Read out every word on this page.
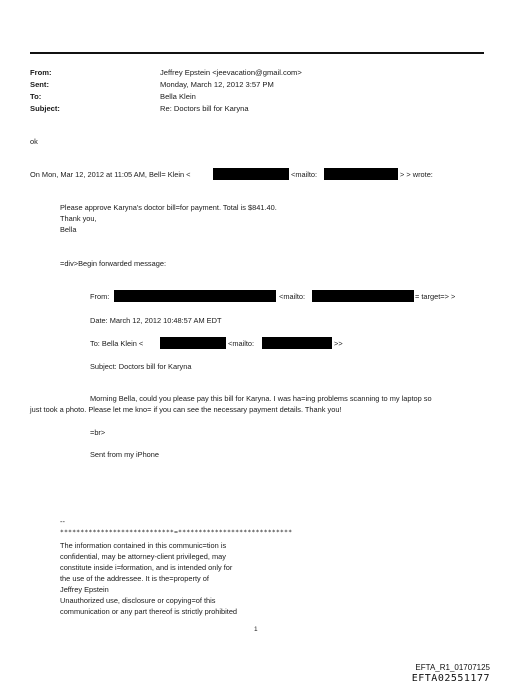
From:	Jeffrey Epstein <jeevacation@gmail.com>
Sent:	Monday, March 12, 2012 3:57 PM
To:	Bella Klein
Subject:	Re: Doctors bill for Karyna
ok
On Mon, Mar 12, 2012 at 11:05 AM, Bell= Klein <	<mailto:	> > wrote:
Please approve Karyna's doctor bill=for payment. Total is $841.40.
Thank you,
Bella
=div>Begin forwarded message:
From:	<mailto:	= target=> >
Date: March 12, 2012 10:48:57 AM EDT
To: Bella Klein <	<mailto:	>>
Subject: Doctors bill for Karyna
Morning Bella, could you please pay this bill for Karyna. I was ha=ing problems scanning to my laptop so
just took a photo. Please let me kno= if you can see the necessary payment details. Thank you!
=br>
Sent from my iPhone
--
****************************=****************************
The information contained in this communic=tion is
confidential, may be attorney-client privileged, may
constitute inside i=formation, and is intended only for
the use of the addressee. It is the=property of
Jeffrey Epstein
Unauthorized use, disclosure or copying=of this
communication or any part thereof is strictly prohibited
1
EFTA_R1_01707125
EFTA02551177
